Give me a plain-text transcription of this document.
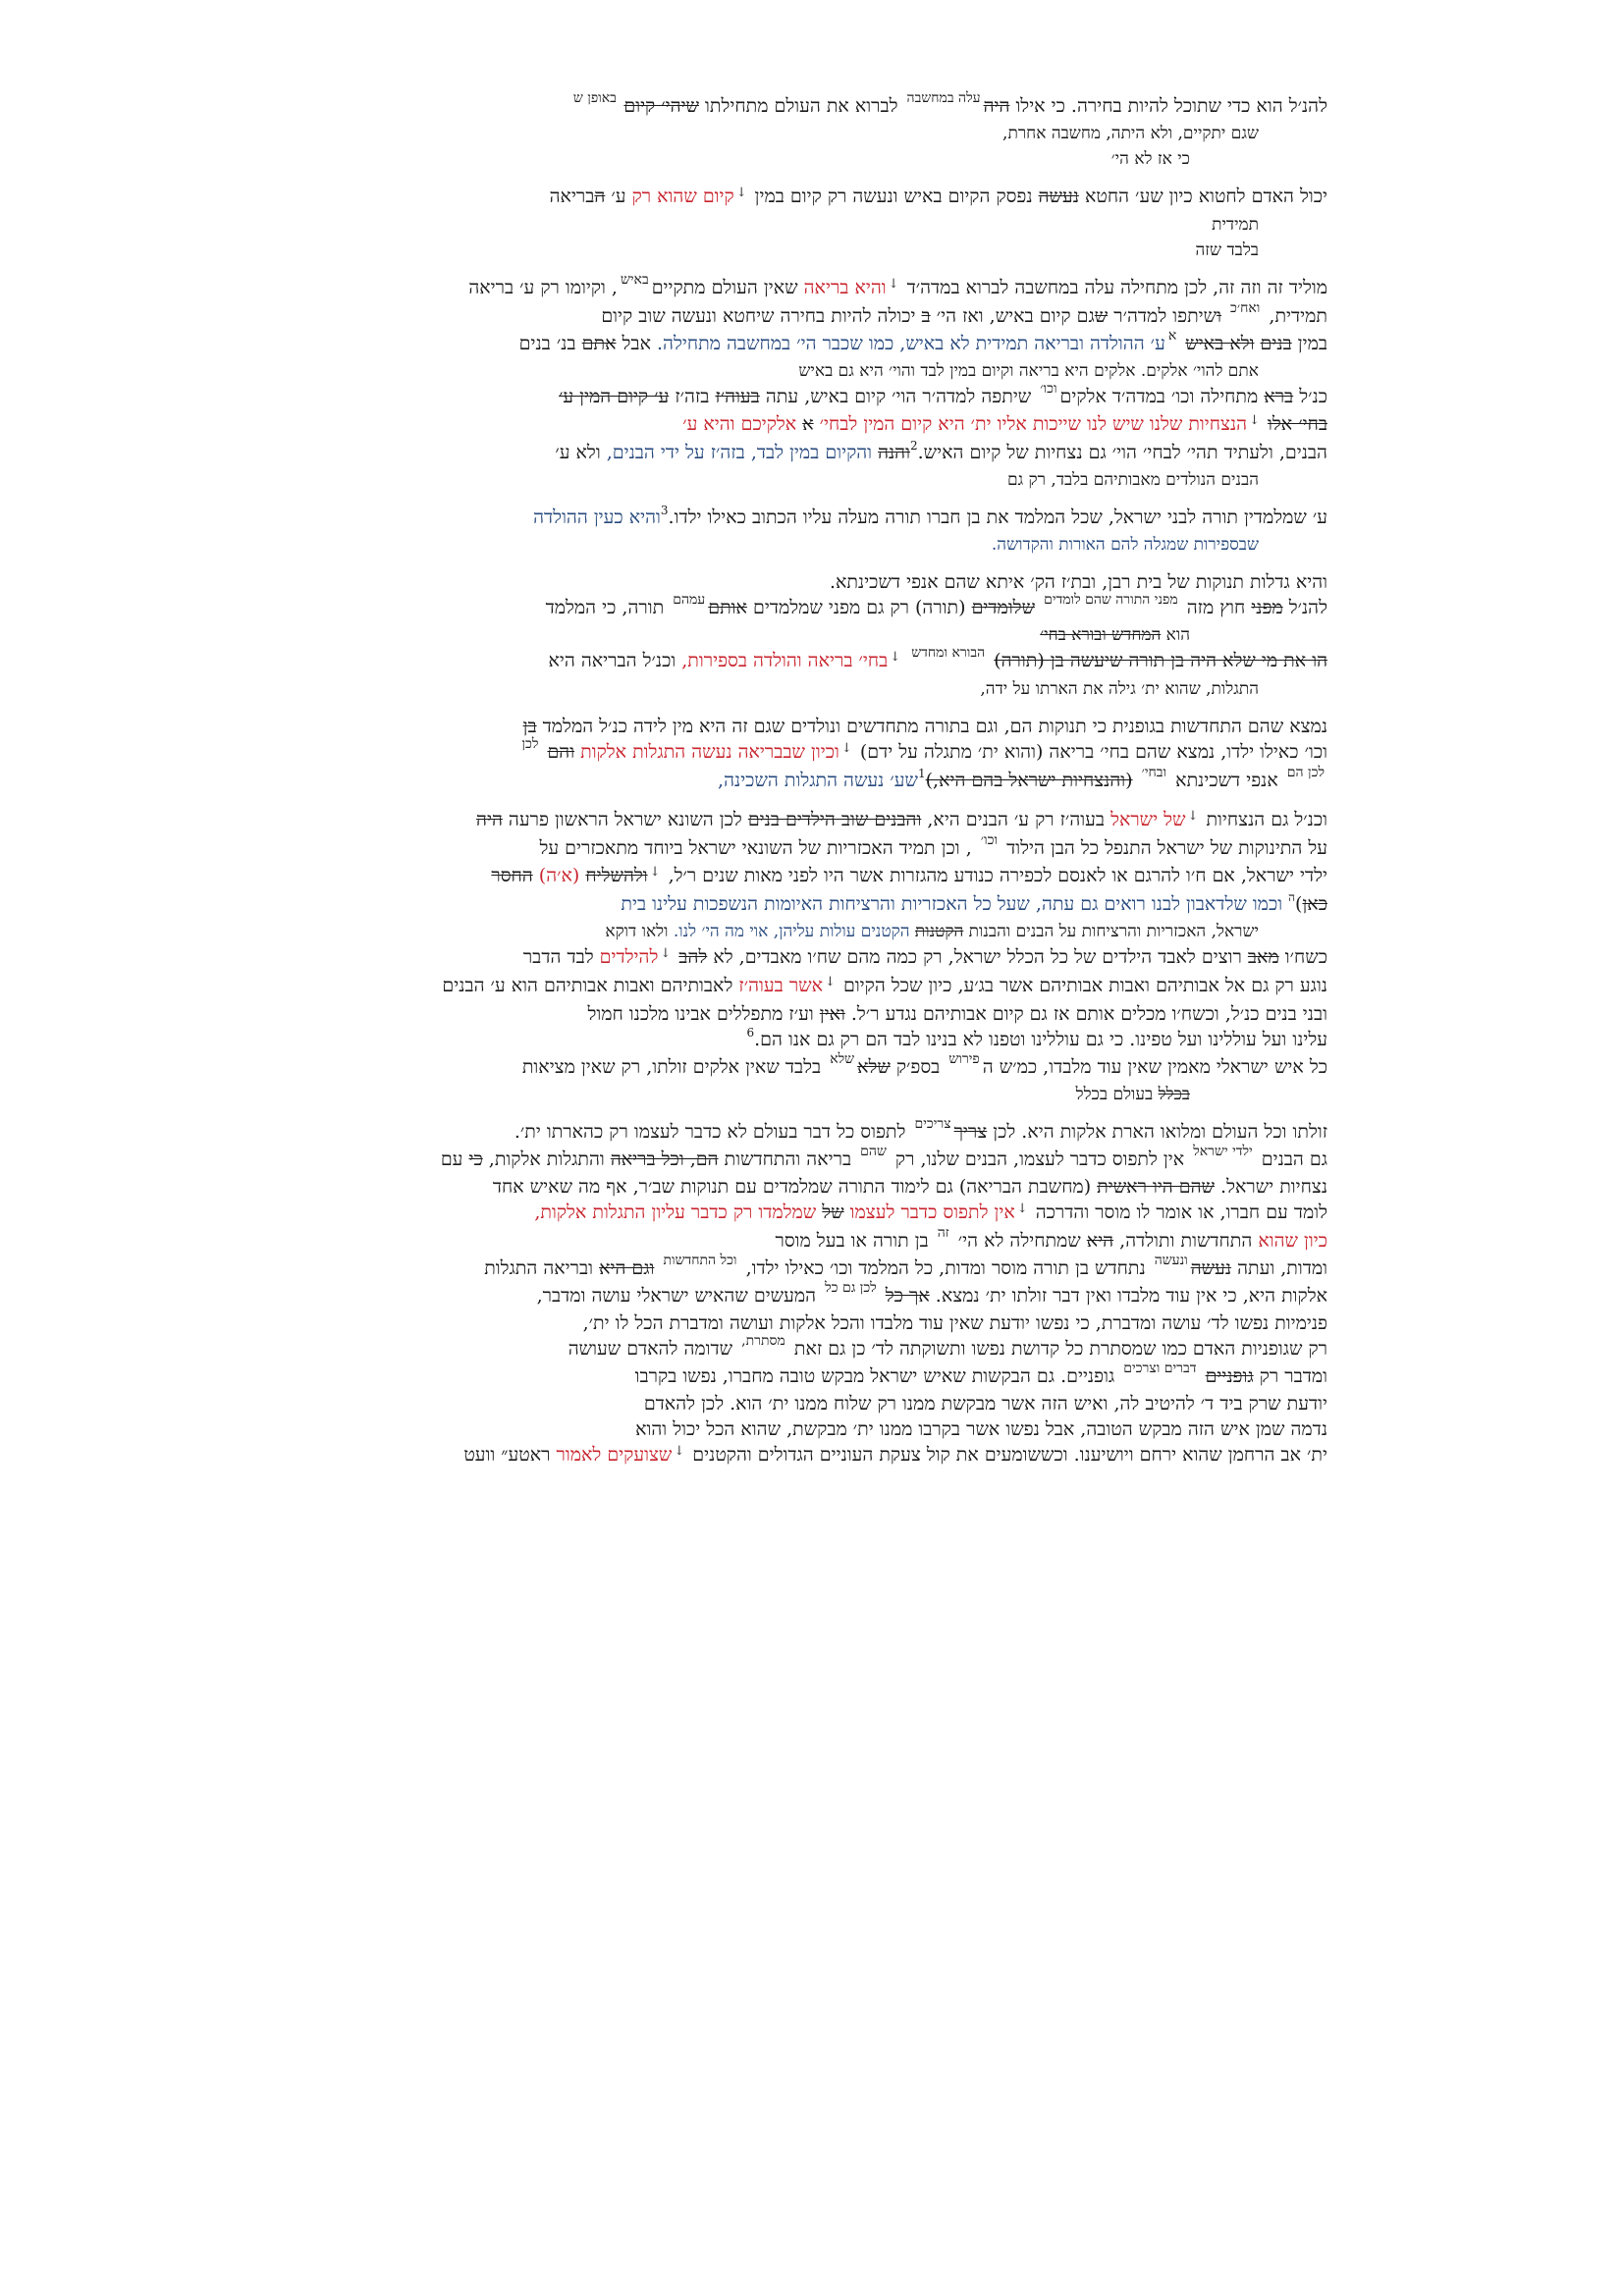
להנ׳ל הוא כדי שתוכל להיות בחירה. כי אילו היה$^{עלה במחשבה}$ לברוא את העולם מתחילתו שיהי׳ קיום $^{באופן ש}$
שגם יתקיים, ולא היתה, מחשבה אחרת,
כי אז לא הי׳
יכול האדם לחטוא כיון שע׳ החטא נעשה נפסק הקיום באיש ונעשה רק קיום במין ↓קיום שהוא רק ע׳ הבריאה
תמידית
בלבד שזה
מוליד זה וזה זה, לכן מתחילה עלה במחשבה לברוא במדה׳ד ↓והיא בריאה שאין העולם מתקיים$^{באיש}$, וקיומו רק ע׳ בריאה
תמידית, $^{ואח׳כ}$ ושיתפו למדה׳ר שגם קיום באיש, ואז הי׳ ב יכולה להיות בחירה שיחטא ונעשה שוב קיום
במין בנים ולא באיש $^א$ע׳ ההולדה ובריאה תמידית לא באיש, כמו שכבר הי׳ במחשבה מתחילה. אבל אתם בנ׳ בנים
אתם להוי׳ אלקים. אלקים היא בריאה וקיום במין לבד והוי׳ היא גם באיש
כנ׳ל ברא מתחילה וכו׳ במדה׳ד אלקים$^{וכו׳}$ שיתפה למדה׳ר הוי׳ קיום באיש, עתה בעוה׳ז בזה׳ז ע׳ קיום המין ע׳
בחי׳ אלו ↓הנצחיות שלנו שיש לנו שייכות אליו ית׳ היא קיום המין לבחי׳ א אלקיכם והיא ע׳
הבנים, ולעתיד תהי׳ לבחי׳ הוי׳ גם נצחיות של קיום האיש.$^2$והנה והקיום במין לבד, בזה׳ז על ידי הבנים, ולא ע׳
הבנים הנולדים מאבותיהם בלבד, רק גם
ע׳ שמלמדין תורה לבני ישראל, שכל המלמד את בן חברו תורה מעלה עליו הכתוב כאילו ילדו.$^3$והיא כעין ההולדה
שבספירות שמגלה להם האורות והקדושה.
והיא גדלות תנוקות של בית רבן, ובת׳ז הק׳ איתא שהם אנפי דשכינתא.
להנ׳ל מפני חוץ מזה $^{מפני התורה שהם לומדים}$ שלומדים (תורה) רק גם מפני שמלמדים אותם$^{עמהם}$ תורה, כי המלמד
הוא המחדש ובורא בחי׳
הו את מי שלא היה בן תורה שיעשה בן (תורה) $^{הבורא ומחדש}$ ↓בחי׳ בריאה והולדה בספירות, וכנ׳ל הבריאה היא
התגלות, שהוא ית׳ גילה את הארתו על ידה,
נמצא שהם התחדשות בגופנית כי תנוקות הם, וגם בתורה מתחדשים ונולדים שגם זה היא מין לידה כנ׳ל המלמד בן
וכו׳ כאילו ילדו, נמצא שהם בחי׳ בריאה (והוא ית׳ מתגלה על ידם) ↓וכיון שבבריאה נעשה התגלות אלקות והם $^{לכן}$
$^{לכן הם}$ אנפי דשכינתא $^{ובחי׳}$ (והנצחיות ישראל בהם היא,)$^1$שע׳ נעשה התגלות השכינה,
וכנ׳ל גם הנצחיות ↓של ישראל בעוה׳ז רק ע׳ הבנים היא, והבנים שוב הילדים בנים לכן השונא ישראל הראשון פרעה היה
על התינוקות של ישראל התנפל כל הבן הילוד $^{וכו׳}$ , וכן תמיד האכזריות של השונאי ישראל ביוחד מתאכזרים על
ילדי ישראל, אם ח׳ו להרגם או לאנסם לכפירה כנודע מהגזרות אשר היו לפני מאות שנים ר׳ל, ↓ולהשליח (א׳ה) החסר
כאן)$^ה$ וכמו שלדאבון לבנו רואים גם עתה, שעל כל האכזריות והרציחות האיומות הנשפכות עלינו בית
ישראל, האכזריות והרציחות על הבנים והבנות הקטנות הקטנים עולות עליהן, אוי מה הי׳ לנו. ולאו דוקא
כשח׳ו מאב רוצים לאבד הילדים של כל הכלל ישראל, רק כמה מהם שח׳ו מאבדים, לא להב ↓להילדים לבד הדבר
נוגע רק גם אל אבותיהם ואבות אבותיהם אשר בג׳ע, כיון שכל הקיום ↓אשר בעוה׳ז לאבותיהם ואבות אבותיהם הוא ע׳ הבנים
ובני בנים כנ׳ל, וכשח׳ו מכלים אותם אז גם קיום אבותיהם נגדע ר׳ל. ואין וע׳ז מתפללים אבינו מלכנו חמול
עלינו ועל עוללינו ועל טפינו. כי גם עוללינו וטפנו לא בנינו לבד הם רק גם אנו הם.$^6$
כל איש ישראלי מאמין שאין עוד מלבדו, כמ׳ש ה$^{פירוש}$ בספ׳ק שלא$^{שלא}$ בלבד שאין אלקים זולתו, רק שאין מציאות
בכלל בעולם בכלל
זולתו וכל העולם ומלואו הארת אלקות היא. לכן צריך$^{צריכים}$ לתפוס כל דבר בעולם לא כדבר לעצמו רק כהארתו ית׳.
גם הבנים $^{ילדי ישראל}$ אין לתפוס כדבר לעצמו, הבנים שלנו, רק $^{שהם}$ בריאה והתחדשות הם, וכל בריאה והתגלות אלקות, כי עם
נצחיות ישראל. שהם היו ראשית (מחשבת הבריאה) גם לימוד התורה שמלמדים עם תנוקות שב׳ר, אף מה שאיש אחד
לומד עם חברו, או אומר לו מוסר והדרכה ↓אין לתפוס כדבר לעצמו של שמלמדו רק כדבר עליון התגלות אלקות,
כיון שהוא התחדשות ותולדה, היא שמתחילה לא הי׳ $^{זה}$ בן תורה או בעל מוסר
ומדות, ועתה נעשה$^{ונעשה}$ נתחדש בן תורה מוסר ומדות, כל המלמד וכו׳ כאילו ילדו, $^{וכל התחדשות}$ וגם היא ובריאה התגלות
אלקות היא, כי אין עוד מלבדו ואין דבר זולתו ית׳ נמצא. אך כל $^{לכן גם כל}$ המעשים שהאיש ישראלי עושה ומדבר,
פנימיות נפשו לד׳ עושה ומדברת, כי נפשו יודעת שאין עוד מלבדו והכל אלקות ועושה ומדברת הכל לו ית׳,
רק שגופניות האדם כמו שמסתרת כל קדושת נפשו ותשוקתה לד׳ כן גם זאת $^{מסתרת,}$ שדומה להאדם שעושה
ומדבר רק גופניים $^{דברים וצרכים}$ גופניים. גם הבקשות שאיש ישראל מבקש טובה מחברו, נפשו בקרבו
יודעת שרק ביד ד׳ להיטיב לה, ואיש הזה אשר מבקשת ממנו רק שלוח ממנו ית׳ הוא. לכן להאדם
נדמה שמן איש הזה מבקש הטובה, אבל נפשו אשר בקרבו ממנו ית׳ מבקשת, שהוא הכל יכול והוא
ית׳ אב הרחמן שהוא ירחם ויושיענו. וכששומעים את קול צעקת העוניים הגדולים והקטנים ↓שצועקים לאמור ראטע״ וועט
